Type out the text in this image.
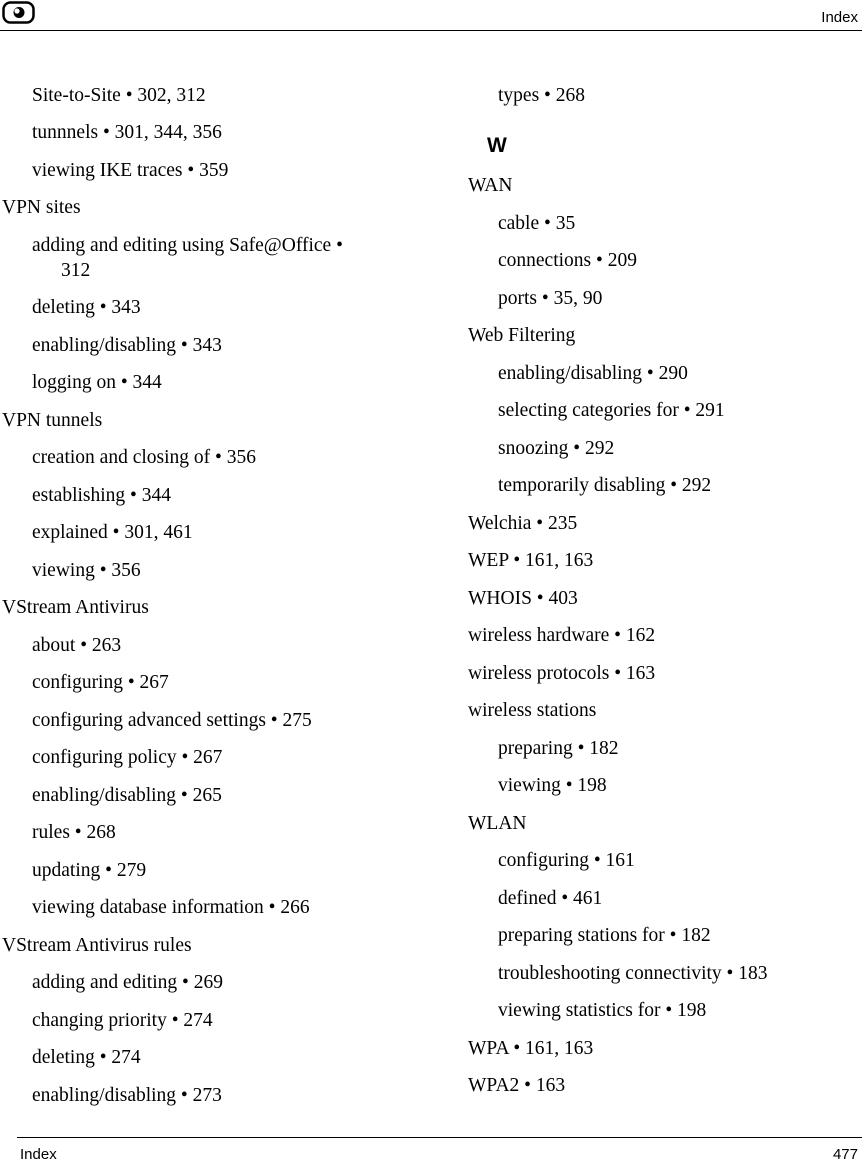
Index
Site-to-Site • 302, 312
tunnnels • 301, 344, 356
viewing IKE traces • 359
VPN sites
adding and editing using Safe@Office •
312
deleting • 343
enabling/disabling • 343
logging on • 344
VPN tunnels
creation and closing of • 356
establishing • 344
explained • 301, 461
viewing • 356
VStream Antivirus
about • 263
configuring • 267
configuring advanced settings • 275
configuring policy • 267
enabling/disabling • 265
rules • 268
updating • 279
viewing database information • 266
VStream Antivirus rules
adding and editing • 269
changing priority • 274
deleting • 274
enabling/disabling • 273
types • 268
W
WAN
cable • 35
connections • 209
ports • 35, 90
Web Filtering
enabling/disabling • 290
selecting categories for • 291
snoozing • 292
temporarily disabling • 292
Welchia • 235
WEP • 161, 163
WHOIS • 403
wireless hardware • 162
wireless protocols • 163
wireless stations
preparing • 182
viewing • 198
WLAN
configuring • 161
defined • 461
preparing stations for • 182
troubleshooting connectivity • 183
viewing statistics for • 198
WPA • 161, 163
WPA2 • 163
Index	477
